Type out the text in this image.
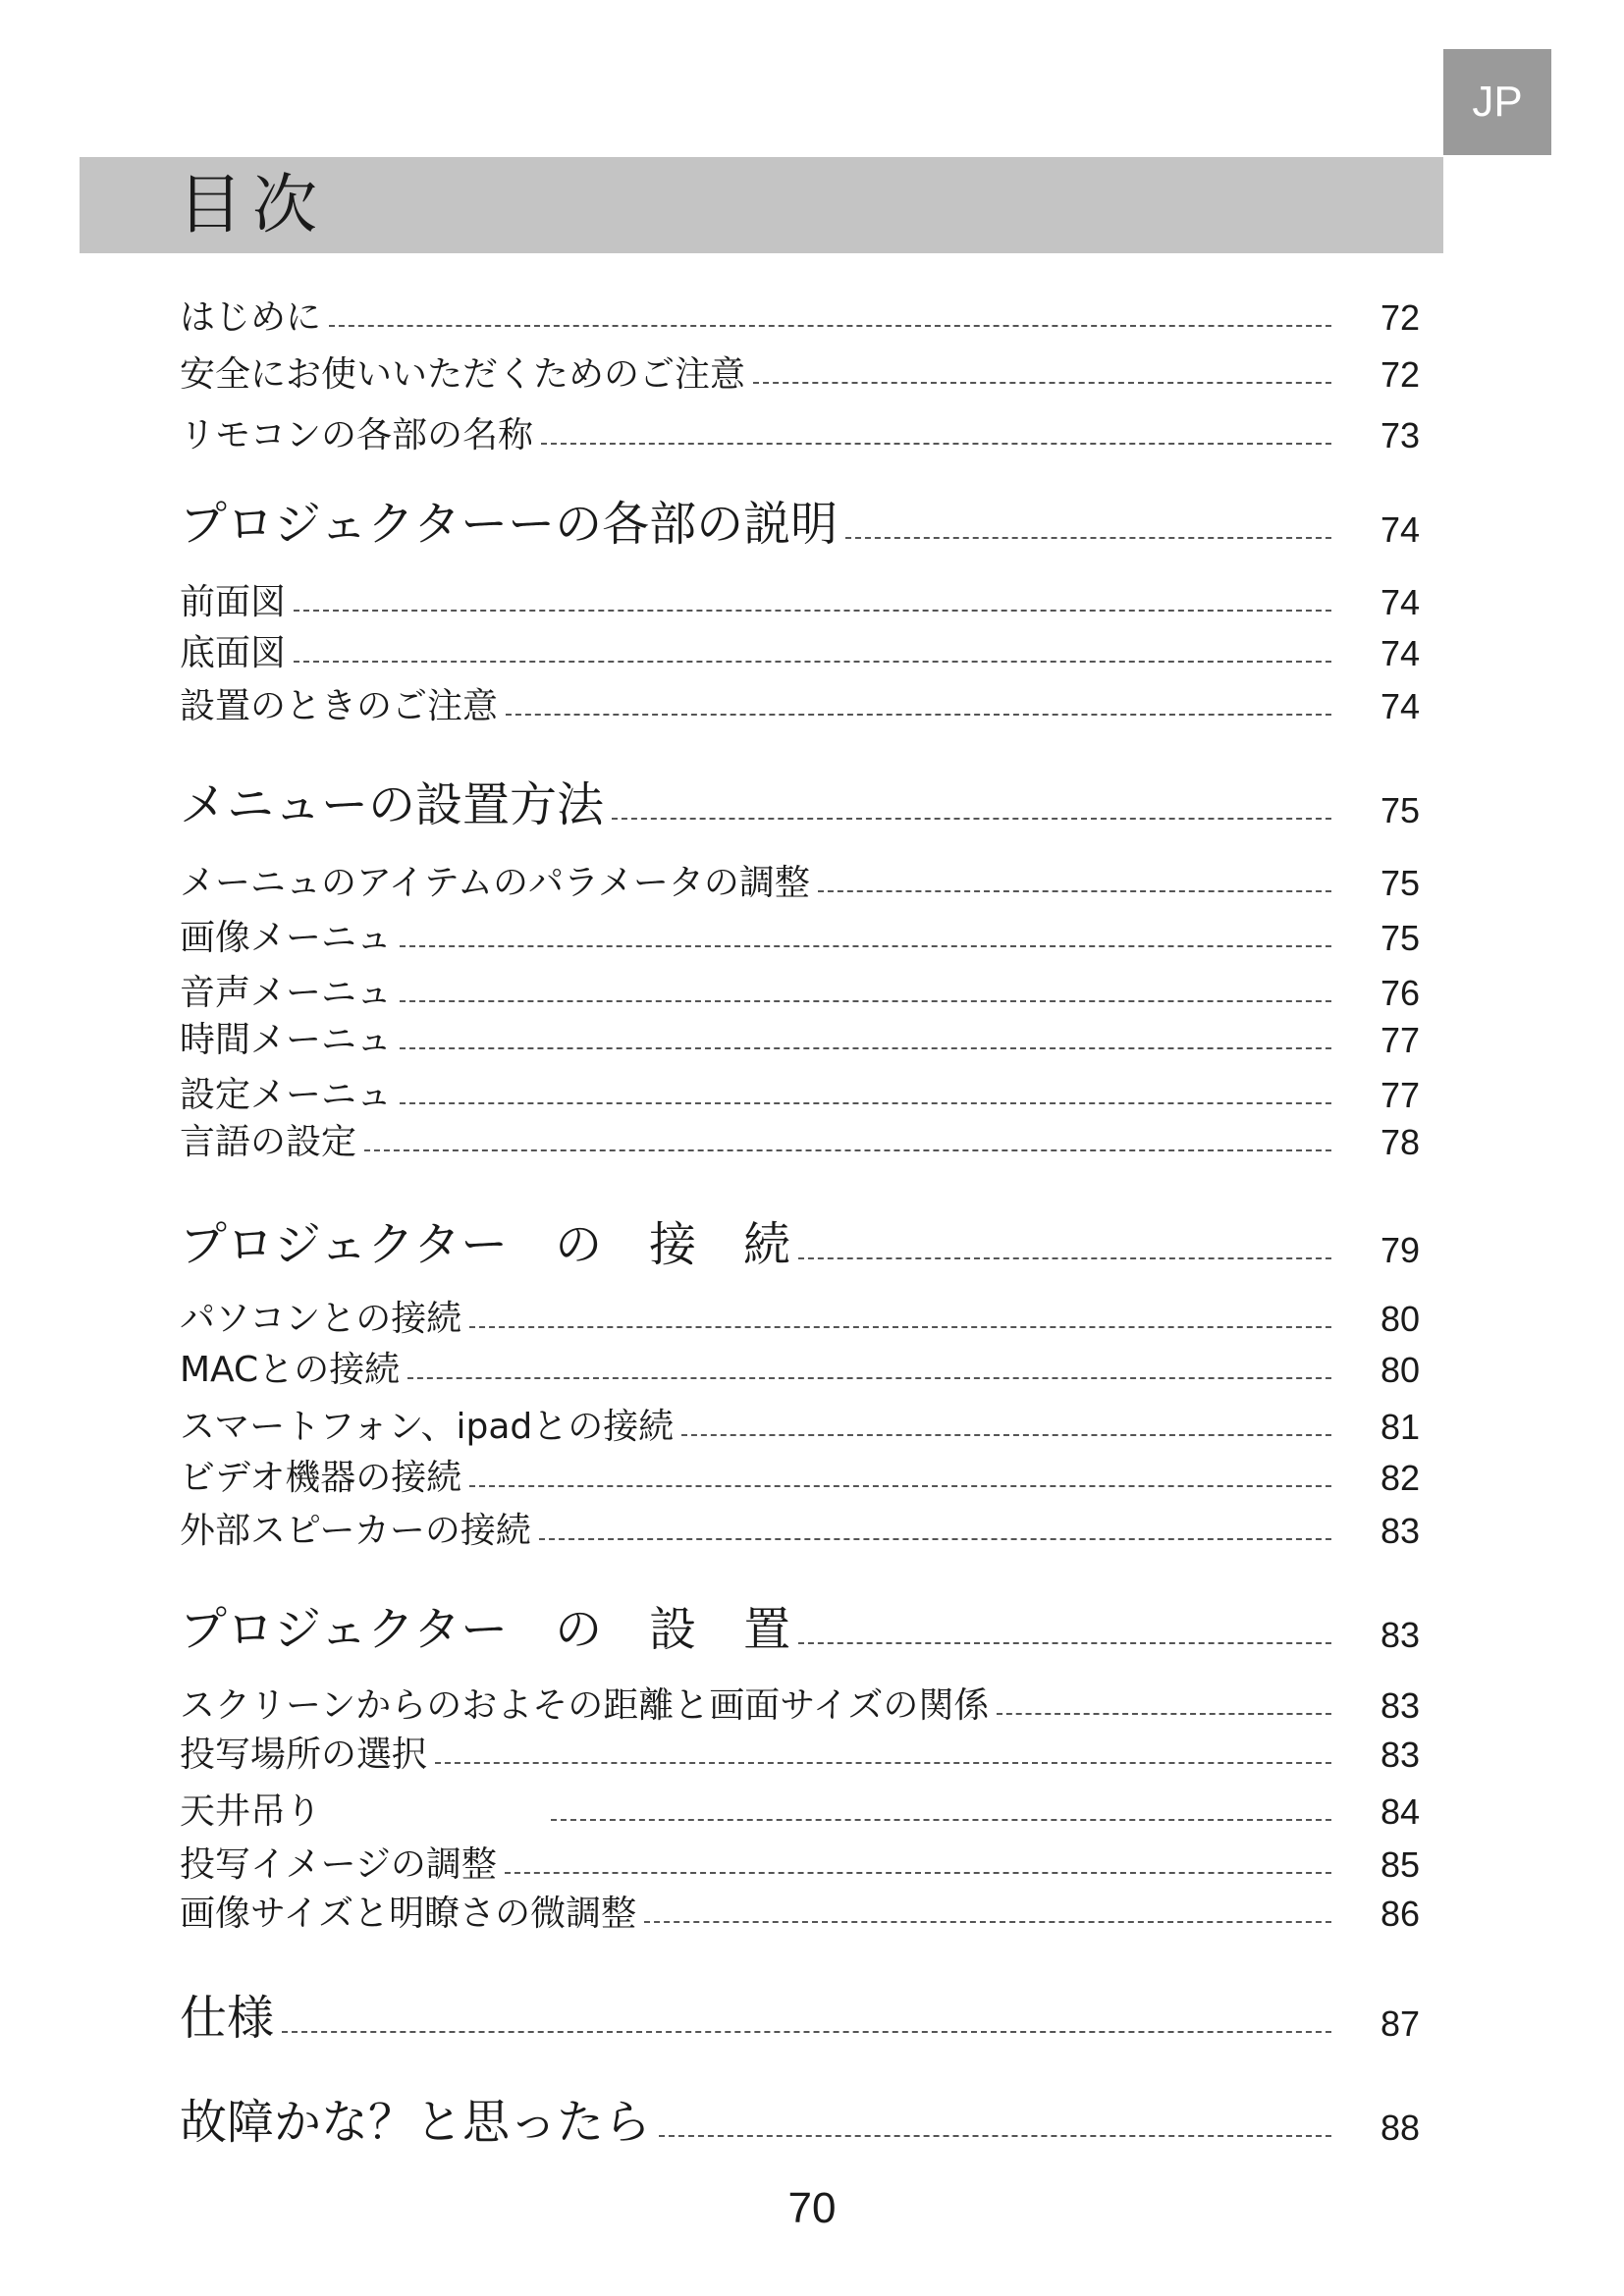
JP
目次
はじめに	72
安全にお使いいただくためのご注意	72
リモコンの各部の名称	73
プロジェクターーの各部の説明	74
前面図	74
底面図	74
設置のときのご注意	74
メニューの設置方法	75
メーニュのアイテムのパラメータの調整	75
画像メーニュ	75
音声メーニュ	76
時間メーニュ	77
設定メーニュ	77
言語の設定	78
プロジェクター　の　接　続	79
パソコンとの接続	80
MACとの接続	80
スマートフォン、ipadとの接続	81
ビデオ機器の接続	82
外部スピーカーの接続	83
プロジェクター　の　設　置	83
スクリーンからのおよその距離と画面サイズの関係	83
投写場所の選択	83
天井吊り	84
投写イメージの調整	85
画像サイズと明瞭さの微調整	86
仕様	87
故障かな？と思ったら	88
70
